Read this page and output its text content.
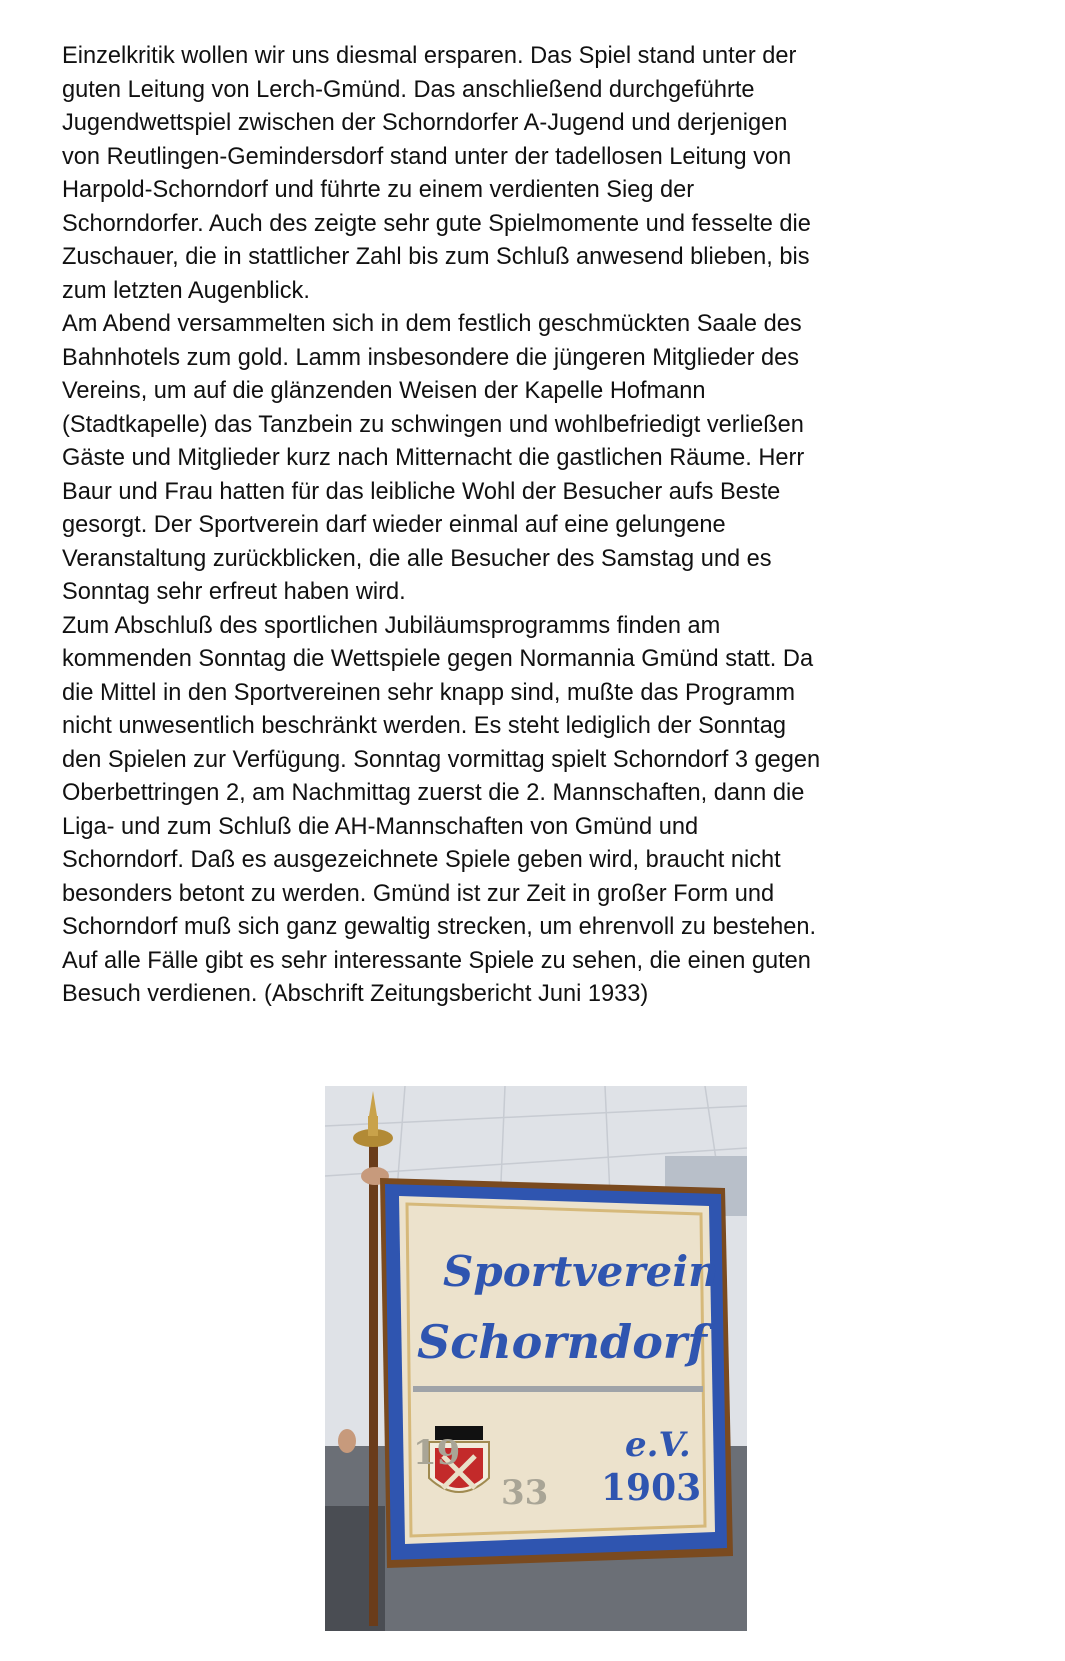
Einzelkritik wollen wir uns diesmal ersparen. Das Spiel stand unter der
guten Leitung von Lerch-Gmünd. Das anschließend durchgeführte
Jugendwettspiel zwischen der Schorndorfer A-Jugend und derjenigen
von Reutlingen-Gemindersdorf stand unter der tadellosen Leitung von
Harpold-Schorndorf und führte zu einem verdienten Sieg der
Schorndorfer. Auch des zeigte sehr gute Spielmomente und fesselte die
Zuschauer, die in stattlicher Zahl bis zum Schluß anwesend blieben, bis
zum letzten Augenblick.
Am Abend versammelten sich in dem festlich geschmückten Saale des
Bahnhotels zum gold. Lamm insbesondere die jüngeren Mitglieder des
Vereins, um auf die glänzenden Weisen der Kapelle Hofmann
(Stadtkapelle) das Tanzbein zu schwingen und wohlbefriedigt verließen
Gäste und Mitglieder kurz nach Mitternacht die gastlichen Räume. Herr
Baur und Frau hatten für das leibliche Wohl der Besucher aufs Beste
gesorgt. Der Sportverein darf wieder einmal auf eine gelungene
Veranstaltung zurückblicken, die alle Besucher des Samstag und es
Sonntag sehr erfreut haben wird.
Zum Abschluß des sportlichen Jubiläumsprogramms finden am
kommenden Sonntag die Wettspiele gegen Normannia Gmünd statt. Da
die Mittel in den Sportvereinen sehr knapp sind, mußte das Programm
nicht unwesentlich beschränkt werden. Es steht lediglich der Sonntag
den Spielen zur Verfügung. Sonntag vormittag spielt Schorndorf 3 gegen
Oberbettringen 2, am Nachmittag zuerst die 2. Mannschaften, dann die
Liga- und zum Schluß die AH-Mannschaften von Gmünd und
Schorndorf. Daß es ausgezeichnete Spiele geben wird, braucht nicht
besonders betont zu werden. Gmünd ist zur Zeit in großer Form und
Schorndorf muß sich ganz gewaltig strecken, um ehrenvoll zu bestehen.
Auf alle Fälle gibt es sehr interessante Spiele zu sehen, die einen guten
Besuch verdienen. (Abschrift Zeitungsbericht Juni 1933)
Sportverein
Schorndorf
19
33
e.V.
1903
